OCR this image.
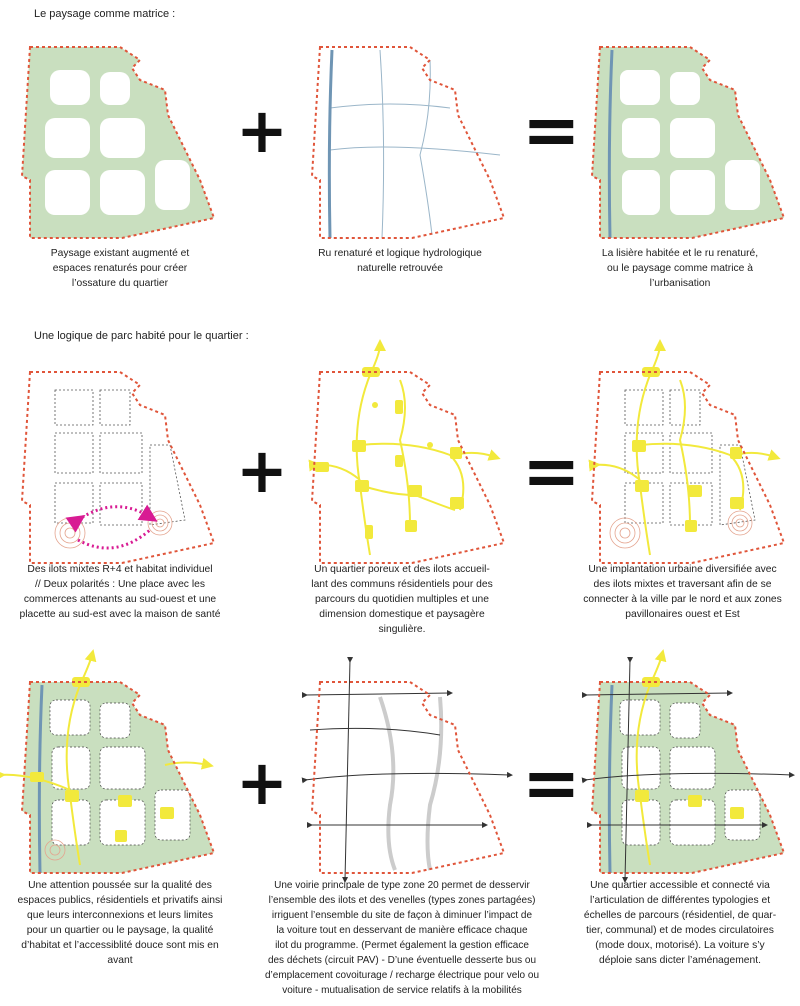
Le paysage comme matrice :
Une logique de parc habité pour le quartier :
+	=
Paysage existant augmenté et
espaces renaturés pour créer
l’ossature du quartier
Ru renaturé et logique hydrologique
naturelle retrouvée
La lisière habitée et le ru renaturé,
ou le paysage comme matrice à
l’urbanisation
+	=
Des ilots mixtes R+4 et habitat individuel
// Deux polarités : Une place avec les
commerces attenants au sud-ouest et une
placette au sud-est avec la maison de santé
Un quartier poreux et des ilots accueil-
lant des communs résidentiels pour des
parcours du quotidien multiples et une
dimension domestique et paysagère
singulière.
Une implantation urbaine diversifiée avec
des ilots mixtes et traversant afin de se
connecter à la ville par le nord et aux zones
pavillonaires ouest et Est
+	=
Une attention poussée sur la qualité des
espaces publics, résidentiels et privatifs ainsi
que leurs interconnexions et leurs limites
pour un quartier ou le paysage, la qualité
d’habitat et l’accessiblité douce sont mis en
avant
Une voirie principale de type zone 20 permet de desservir
l’ensemble des ilots et des venelles (types zones partagées)
irriguent l’ensemble du site de façon à diminuer l’impact de
la voiture tout en desservant de manière efficace chaque
ilot du programme. (Permet également la gestion efficace
des déchets (circuit PAV) - D’une éventuelle desserte bus ou
d’emplacement covoiturage / recharge électrique pour velo ou
voiture - mutualisation de service relatifs à la mobilités
Une quartier accessible et connecté via
l’articulation de différentes typologies et
échelles de parcours (résidentiel, de quar-
tier, communal) et de modes circulatoires
(mode doux, motorisé). La voiture s’y
déploie sans dicter l’aménagement.
